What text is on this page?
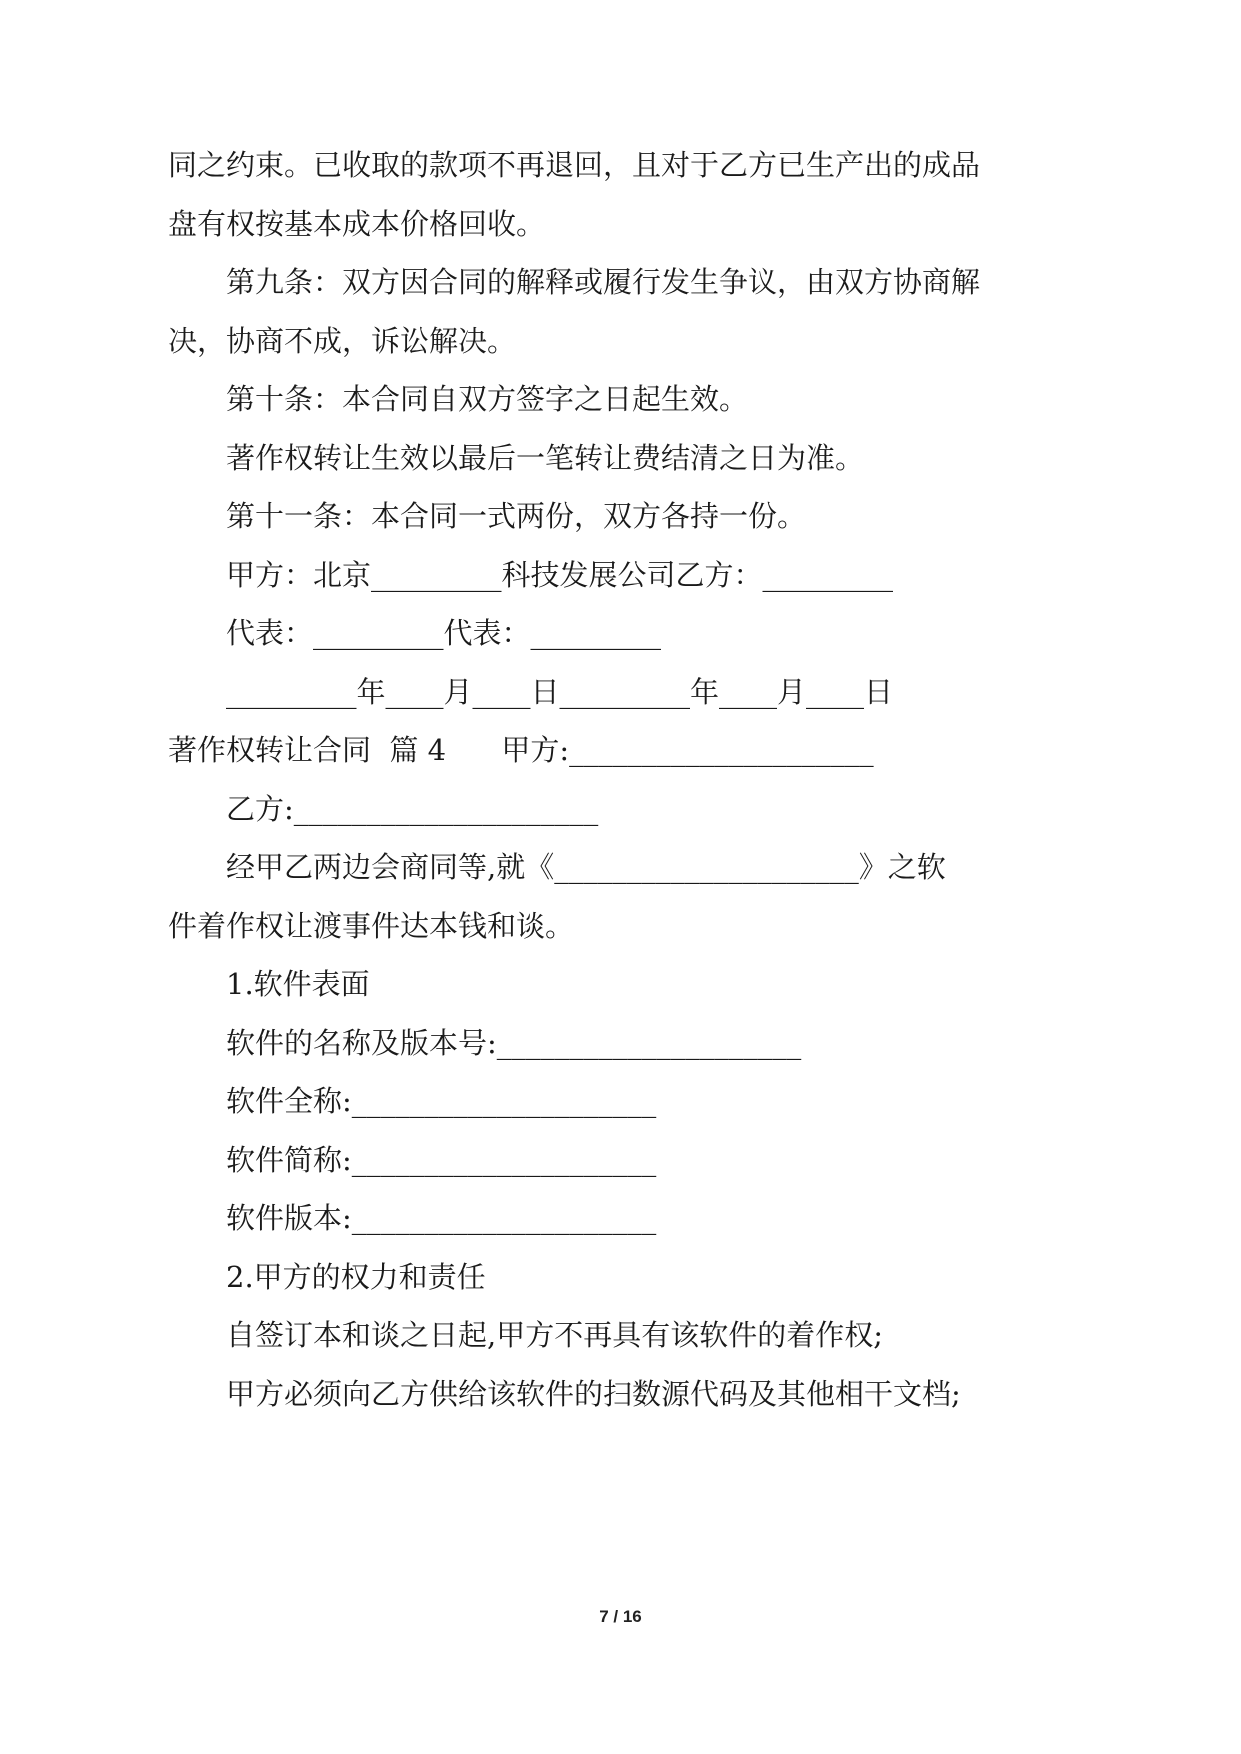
同之约束。已收取的款项不再退回，且对于乙方已生产出的成品
盘有权按基本成本价格回收。
第九条：双方因合同的解释或履行发生争议，由双方协商解
决，协商不成，诉讼解决。
第十条：本合同自双方签字之日起生效。
著作权转让生效以最后一笔转让费结清之日为准。
第十一条：本合同一式两份，双方各持一份。
甲方：北京_________科技发展公司乙方：_________
代表：_________代表：_________
_________年____月____日_________年____月____日
著作权转让合同  篇 4      甲方:_____________________
乙方:_____________________
经甲乙两边会商同等,就《_____________________》之软
件着作权让渡事件达本钱和谈。
1.软件表面
软件的名称及版本号:_____________________
软件全称:_____________________
软件简称:_____________________
软件版本:_____________________
2.甲方的权力和责任
自签订本和谈之日起,甲方不再具有该软件的着作权;
甲方必须向乙方供给该软件的扫数源代码及其他相干文档;
7 / 16
